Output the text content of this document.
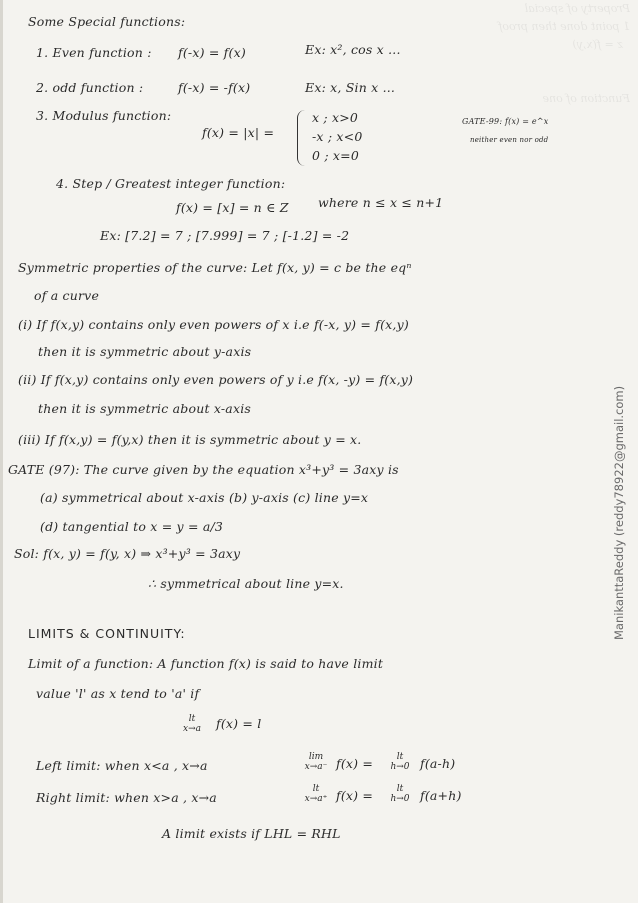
Property of special
1 point done then proof
z = f(x,y)

Function of one

Some Special functions:
1. Even function : f(-x) = f(x)	Ex: x², cos x ...
2. odd function :	f(-x) = -f(x)	Ex: x, Sin x ...
3. Modulus function:
f(x) = |x| =
x ; x>0
-x ; x<0
0 ; x=0
GATE-99: f(x) = e^x
neither even nor odd
4. Step / Greatest integer function:
f(x) = [x] = n ∈ Z where n ≤ x ≤ n+1
Ex: [7.2] = 7 ; [7.999] = 7 ; [-1.2] = -2
Symmetric properties of the curve: Let f(x, y) = c be the eqⁿ
of a curve
(i) If f(x,y) contains only even powers of x i.e f(-x, y) = f(x,y)
then it is symmetric about y-axis
(ii) If f(x,y) contains only even powers of y i.e f(x, -y) = f(x,y)
then it is symmetric about x-axis
(iii) If f(x,y) = f(y,x) then it is symmetric about y = x.
GATE (97): The curve given by the equation x³+y³ = 3axy is
(a) symmetrical about x-axis (b) y-axis (c) line y=x
(d) tangential to x = y = a/3
Sol: f(x, y) = f(y, x) ⇒ x³+y³ = 3axy
∴ symmetrical about line y=x.
LIMITS & CONTINUITY:
Limit of a function: A function f(x) is said to have limit
value 'l' as x tend to 'a' if
lt
x→a	f(x) = l
Left limit: when x<a , x→a
lim
x→a⁻ f(x) =	lt
h→0 f(a-h)
Right limit: when x>a , x→a
lt
x→a⁺ f(x) =	lt
h→0 f(a+h)
A limit exists if LHL = RHL
ManikanttaReddy (reddy78922@gmail.com)
